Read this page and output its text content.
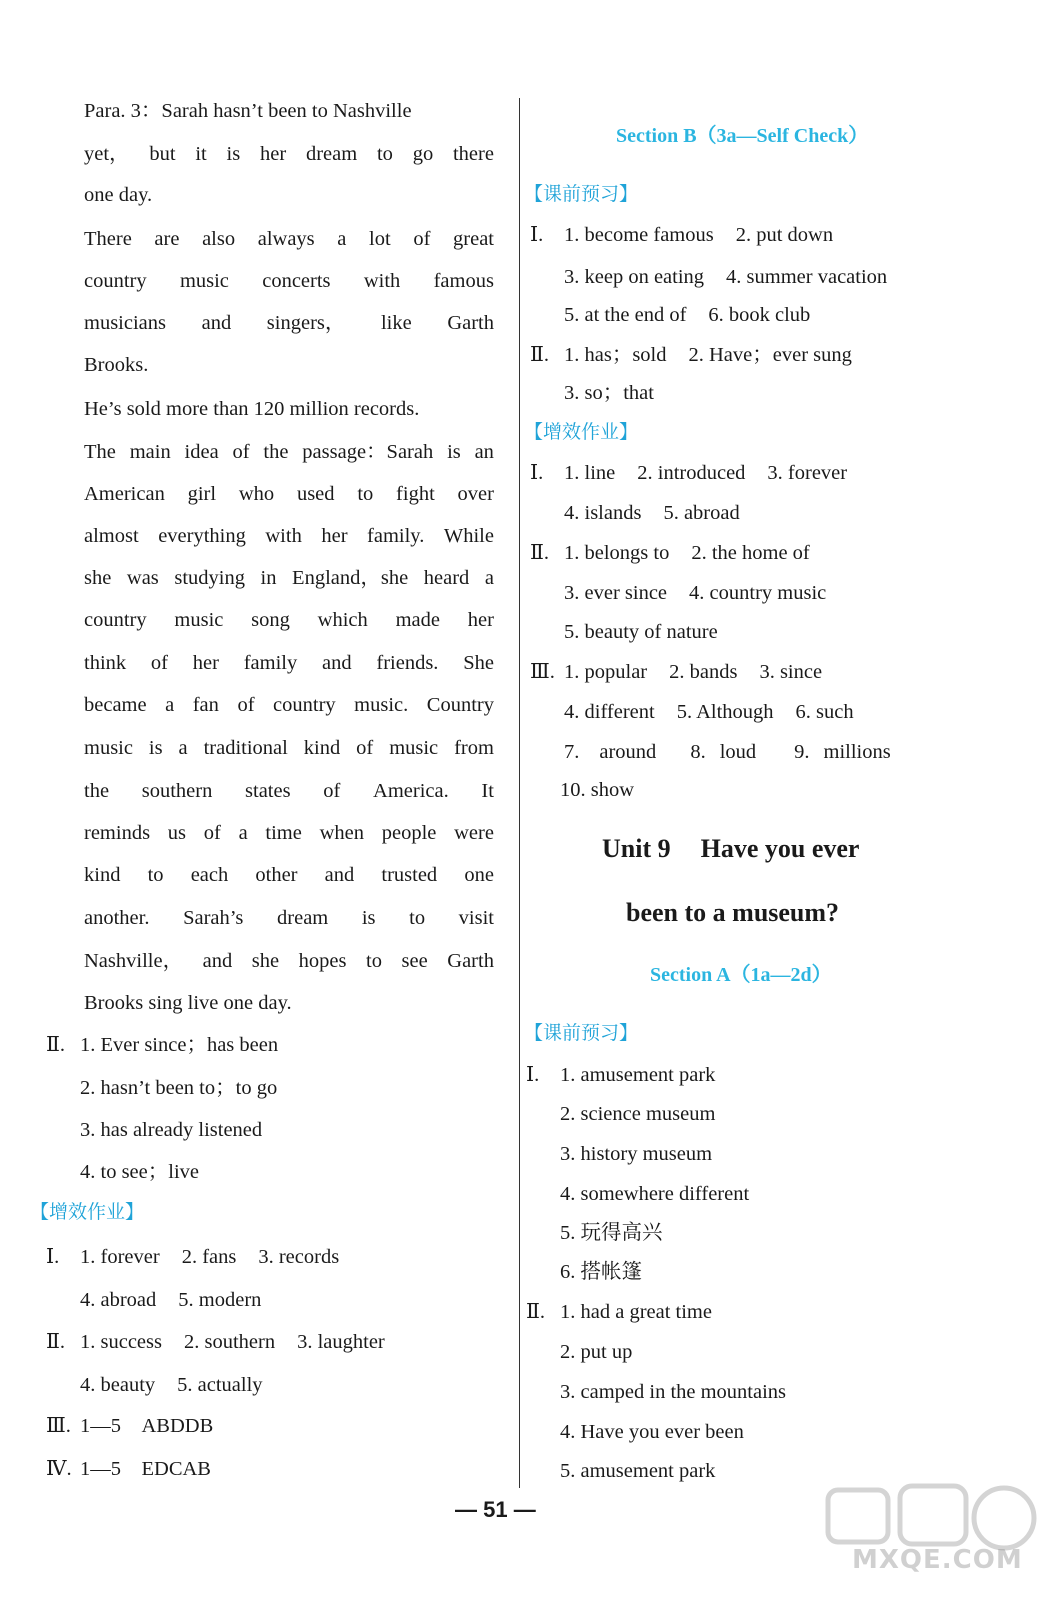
Para. 3：Sarah hasn’t been to Nashville
yet， but it is her dream to go there
one day.
There are also always a lot of great
country music concerts with famous
musicians and singers， like Garth
Brooks.
He’s sold more than 120 million records.
The main idea of the passage：Sarah is an
American girl who used to fight over
almost everything with her family. While
she was studying in England，she heard a
country music song which made her
think of her family and friends. She
became a fan of country music. Country
music is a traditional kind of music from
the southern states of America. It
reminds us of a time when people were
kind to each other and trusted one
another. Sarah’s dream is to visit
Nashville， and she hopes to see Garth
Brooks sing live one day.
Ⅱ. 1. Ever since；has been
2. hasn’t been to；to go
3. has already listened
4. to see；live
【增效作业】
Ⅰ. 1. forever 2. fans 3. records
4. abroad 5. modern
Ⅱ. 1. success 2. southern 3. laughter
4. beauty 5. actually
Ⅲ. 1—5　ABDDB
Ⅳ. 1—5　EDCAB
Section B（3a—Self Check）
【课前预习】
Ⅰ. 1. become famous 2. put down
3. keep on eating 4. summer vacation
5. at the end of 6. book club
Ⅱ. 1. has；sold 2. Have；ever sung
3. so；that
【增效作业】
Ⅰ. 1. line 2. introduced 3. forever
4. islands 5. abroad
Ⅱ. 1. belongs to 2. the home of
3. ever since 4. country music
5. beauty of nature
Ⅲ. 1. popular 2. bands 3. since
4. different 5. Although 6. such
7. around 8. loud 9. millions
10. show
Unit 9 Have you ever
been to a museum?
Section A（1a—2d）
【课前预习】
Ⅰ. 1. amusement park
2. science museum
3. history museum
4. somewhere different
5. 玩得高兴
6. 搭帐篷
Ⅱ. 1. had a great time
2. put up
3. camped in the mountains
4. Have you ever been
5. amusement park
— 51 —
MXQE.COM
